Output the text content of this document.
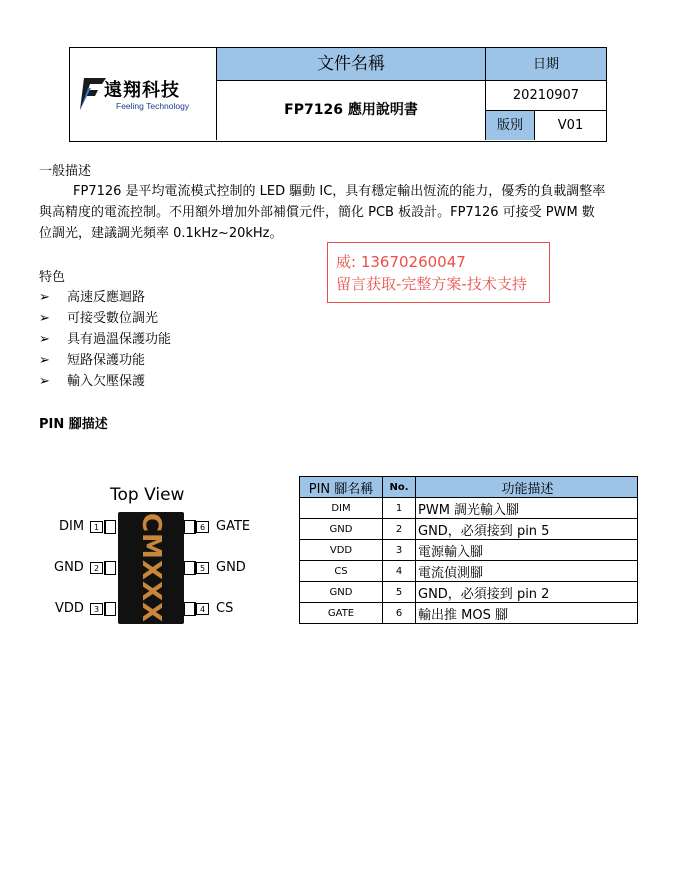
遠翔科技
Feeling Technology
文件名稱
FP7126 應用說明書
日期
20210907
版別	V01
一般描述

FP7126 是平均電流模式控制的 LED 驅動 IC，具有穩定輸出恆流的能力，優秀的負載調整率

與高精度的電流控制。不用額外增加外部補償元件，簡化 PCB 板設計。FP7126 可接受 PWM 數

位調光，建議調光頻率 0.1kHz~20kHz。

威: 13670260047
留言获取-完整方案-技术支持
特色
➢	高速反應迴路
➢	可接受數位調光
➢	具有過溫保護功能
➢	短路保護功能
➢	輸入欠壓保護
PIN 腳描述
Top View
CMXXX
DIM	1
GND	2
VDD	3
6 GATE
5 GND
4 CS
PIN 腳名稱	No.	功能描述
DIM	1	PWM 調光輸入腳
GND	2	GND，必須接到 pin 5
VDD	3	電源輸入腳
CS	4	電流偵測腳
GND	5	GND，必須接到 pin 2
GATE	6	輸出推 MOS 腳
